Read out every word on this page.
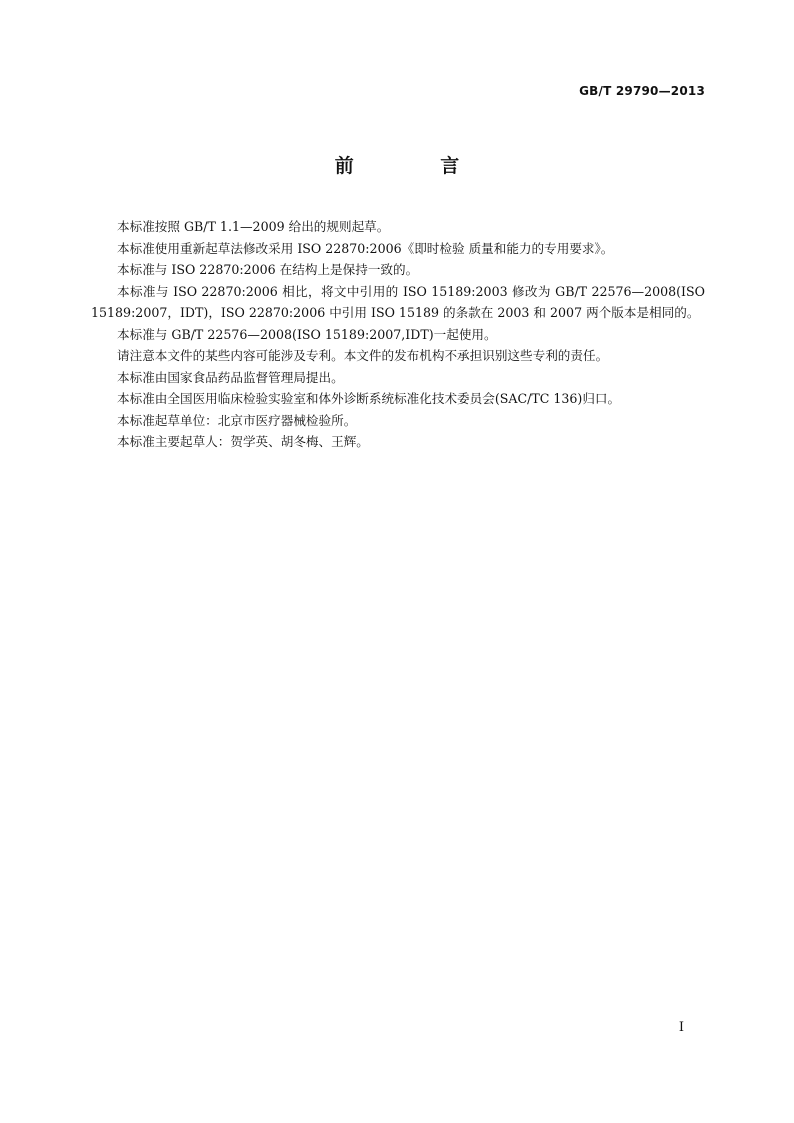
GB/T 29790—2013
前 言

本标准按照 GB/T 1.1—2009 给出的规则起草。

本标准使用重新起草法修改采用 ISO 22870:2006《即时检验 质量和能力的专用要求》。

本标准与 ISO 22870:2006 在结构上是保持一致的。

本标准与 ISO 22870:2006 相比，将文中引用的 ISO 15189:2003 修改为 GB/T 22576—2008(ISO 15189:2007，IDT)，ISO 22870:2006 中引用 ISO 15189 的条款在 2003 和 2007 两个版本是相同的。

本标准与 GB/T 22576—2008(ISO 15189:2007,IDT)一起使用。

请注意本文件的某些内容可能涉及专利。本文件的发布机构不承担识别这些专利的责任。

本标准由国家食品药品监督管理局提出。

本标准由全国医用临床检验实验室和体外诊断系统标准化技术委员会(SAC/TC 136)归口。

本标准起草单位：北京市医疗器械检验所。

本标准主要起草人：贺学英、胡冬梅、王辉。

I
